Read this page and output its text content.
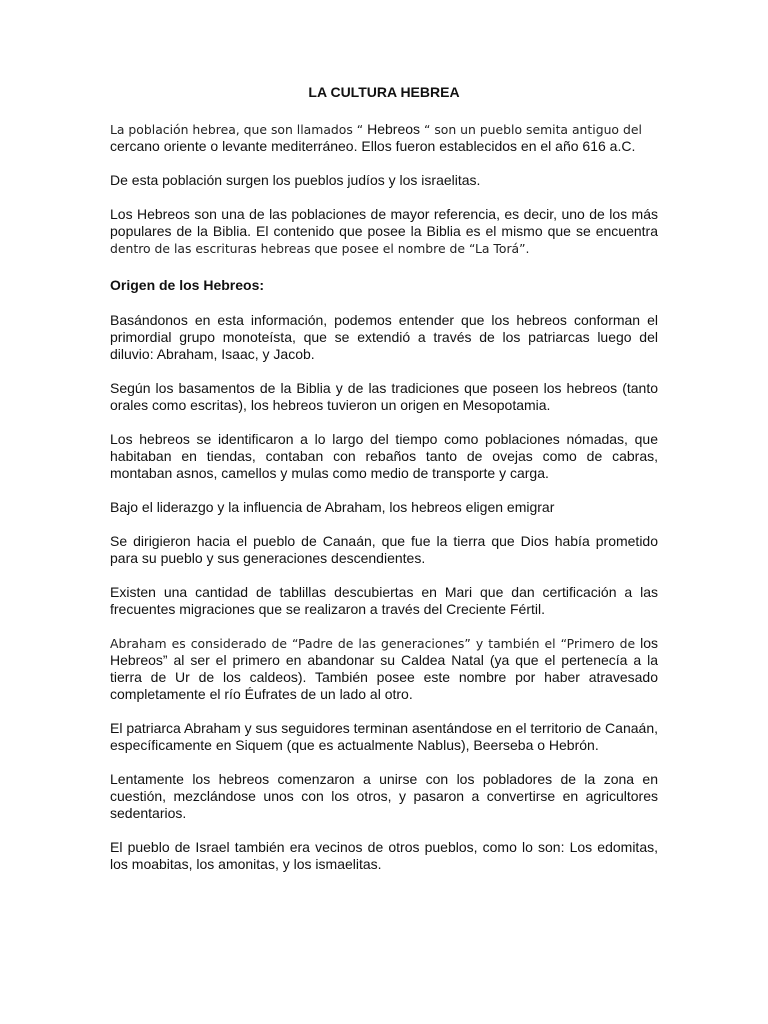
LA CULTURA HEBREA

La población hebrea, que son llamados “ Hebreos “ son un pueblo semita antiguo del
cercano oriente o levante mediterráneo. Ellos fueron establecidos en el año 616 a.C.

De esta población surgen los pueblos judíos y los israelitas.

Los Hebreos son una de las poblaciones de mayor referencia, es decir, uno de los más populares de la Biblia. El contenido que posee la Biblia es el mismo que se encuentra dentro de las escrituras hebreas que posee el nombre de “La Torá”.

Origen de los Hebreos:

Basándonos en esta información, podemos entender que los hebreos conforman el primordial grupo monoteísta, que se extendió a través de los patriarcas luego del diluvio: Abraham, Isaac, y Jacob.

Según los basamentos de la Biblia y de las tradiciones que poseen los hebreos (tanto orales como escritas), los hebreos tuvieron un origen en Mesopotamia.

Los hebreos se identificaron a lo largo del tiempo como poblaciones nómadas, que habitaban en tiendas, contaban con rebaños tanto de ovejas como de cabras, montaban asnos, camellos y mulas como medio de transporte y carga.

Bajo el liderazgo y la influencia de Abraham, los hebreos eligen emigrar

Se dirigieron hacia el pueblo de Canaán, que fue la tierra que Dios había prometido para su pueblo y sus generaciones descendientes.

Existen una cantidad de tablillas descubiertas en Mari que dan certificación a las frecuentes migraciones que se realizaron a través del Creciente Fértil.

Abraham es considerado de “Padre de las generaciones” y también el “Primero de los Hebreos” al ser el primero en abandonar su Caldea Natal (ya que el pertenecía a la tierra de Ur de los caldeos). También posee este nombre por haber atravesado completamente el río Éufrates de un lado al otro.

El patriarca Abraham y sus seguidores terminan asentándose en el territorio de Canaán, específicamente en Siquem (que es actualmente Nablus), Beerseba o Hebrón.

Lentamente los hebreos comenzaron a unirse con los pobladores de la zona en cuestión, mezclándose unos con los otros, y pasaron a convertirse en agricultores sedentarios.

El pueblo de Israel también era vecinos de otros pueblos, como lo son: Los edomitas, los moabitas, los amonitas, y los ismaelitas.
